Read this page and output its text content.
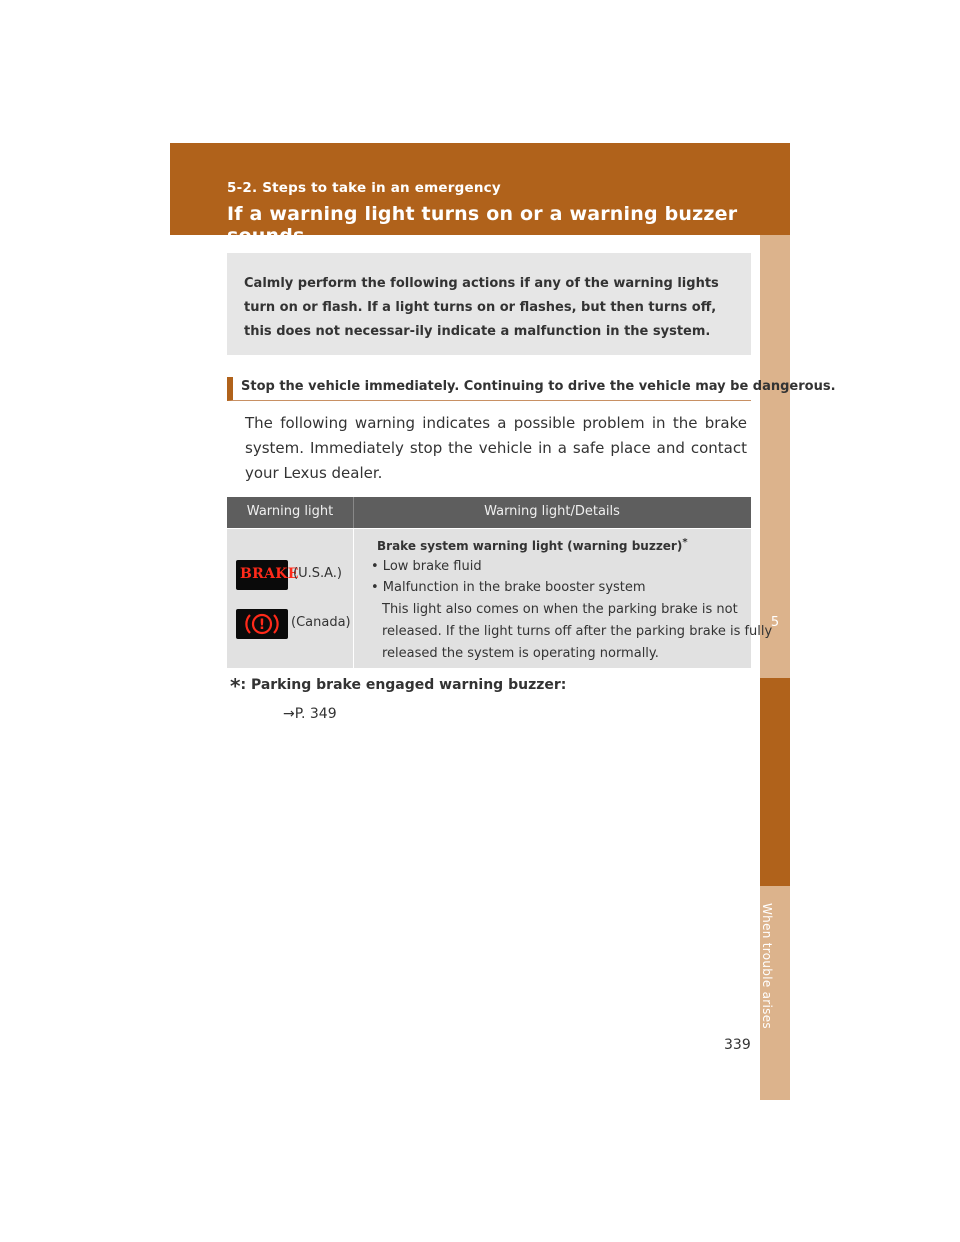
5-2. Steps to take in an emergency
If a warning light turns on or a warning buzzer sounds...
5
When trouble arises
Calmly perform the following actions if any of the warning lights turn on or flash. If a light turns on or flashes, but then turns off, this does not necessar-ily indicate a malfunction in the system.
Stop the vehicle immediately. Continuing to drive the vehicle may be dangerous.
The following warning indicates a possible problem in the brake system. Immediately stop the vehicle in a safe place and contact your Lexus dealer.
Warning light	Warning light/Details
BRAKE
(U.S.A.)
! (Canada)
Brake system warning light (warning buzzer)*
• Low brake fluid
• Malfunction in the brake booster system
This light also comes on when the parking brake is not
released. If the light turns off after the parking brake is fully
released the system is operating normally.
*: Parking brake engaged warning buzzer:
→P. 349
339
